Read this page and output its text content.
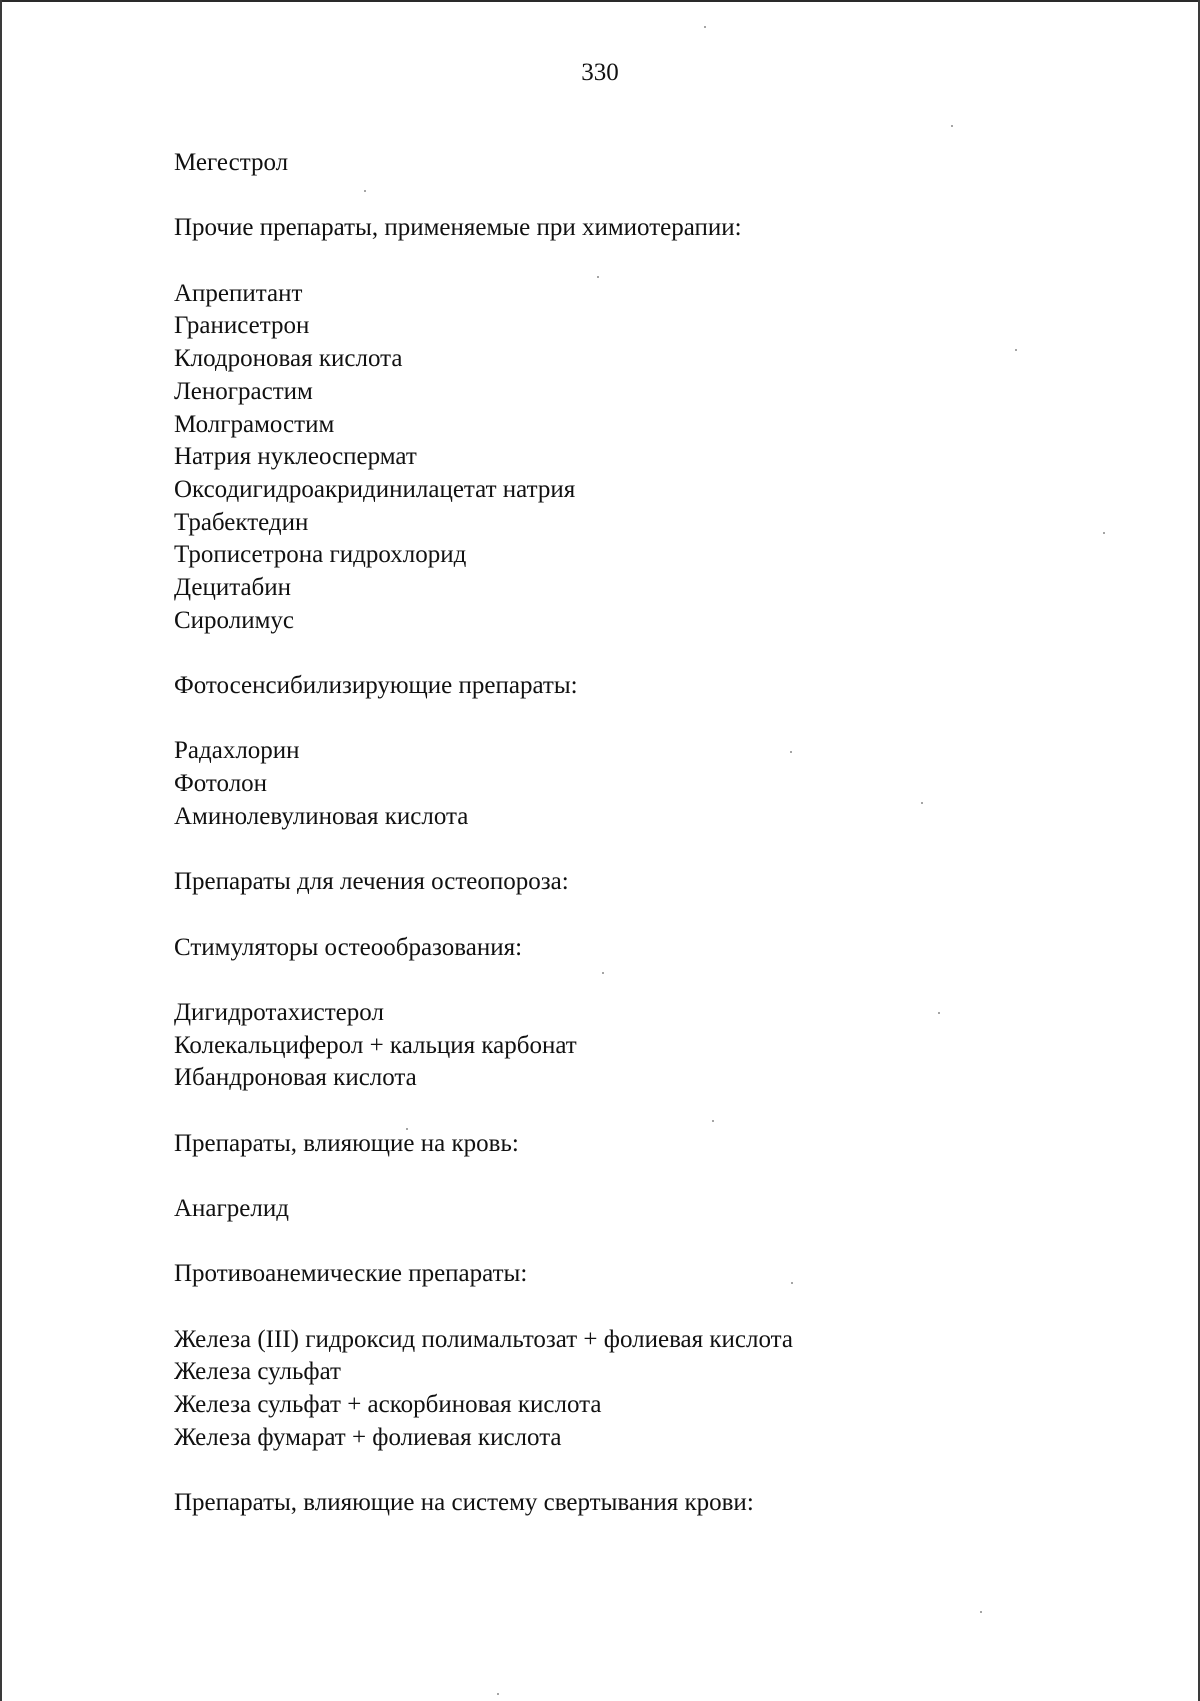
330
Мегестрол
Прочие препараты, применяемые при химиотерапии:
Апрепитант
Гранисетрон
Клодроновая кислота
Ленограстим
Молграмостим
Натрия нуклеоспермат
Оксодигидроакридинилацетат натрия
Трабектедин
Трописетрона гидрохлорид
Децитабин
Сиролимус
Фотосенсибилизирующие препараты:
Радахлорин
Фотолон
Аминолевулиновая кислота
Препараты для лечения остеопороза:
Стимуляторы остеообразования:
Дигидротахистерол
Колекальциферол + кальция карбонат
Ибандроновая кислота
Препараты, влияющие на кровь:
Анагрелид
Противоанемические препараты:
Железа (III) гидроксид полимальтозат + фолиевая кислота
Железа сульфат
Железа сульфат + аскорбиновая кислота
Железа фумарат + фолиевая кислота
Препараты, влияющие на систему свертывания крови:
